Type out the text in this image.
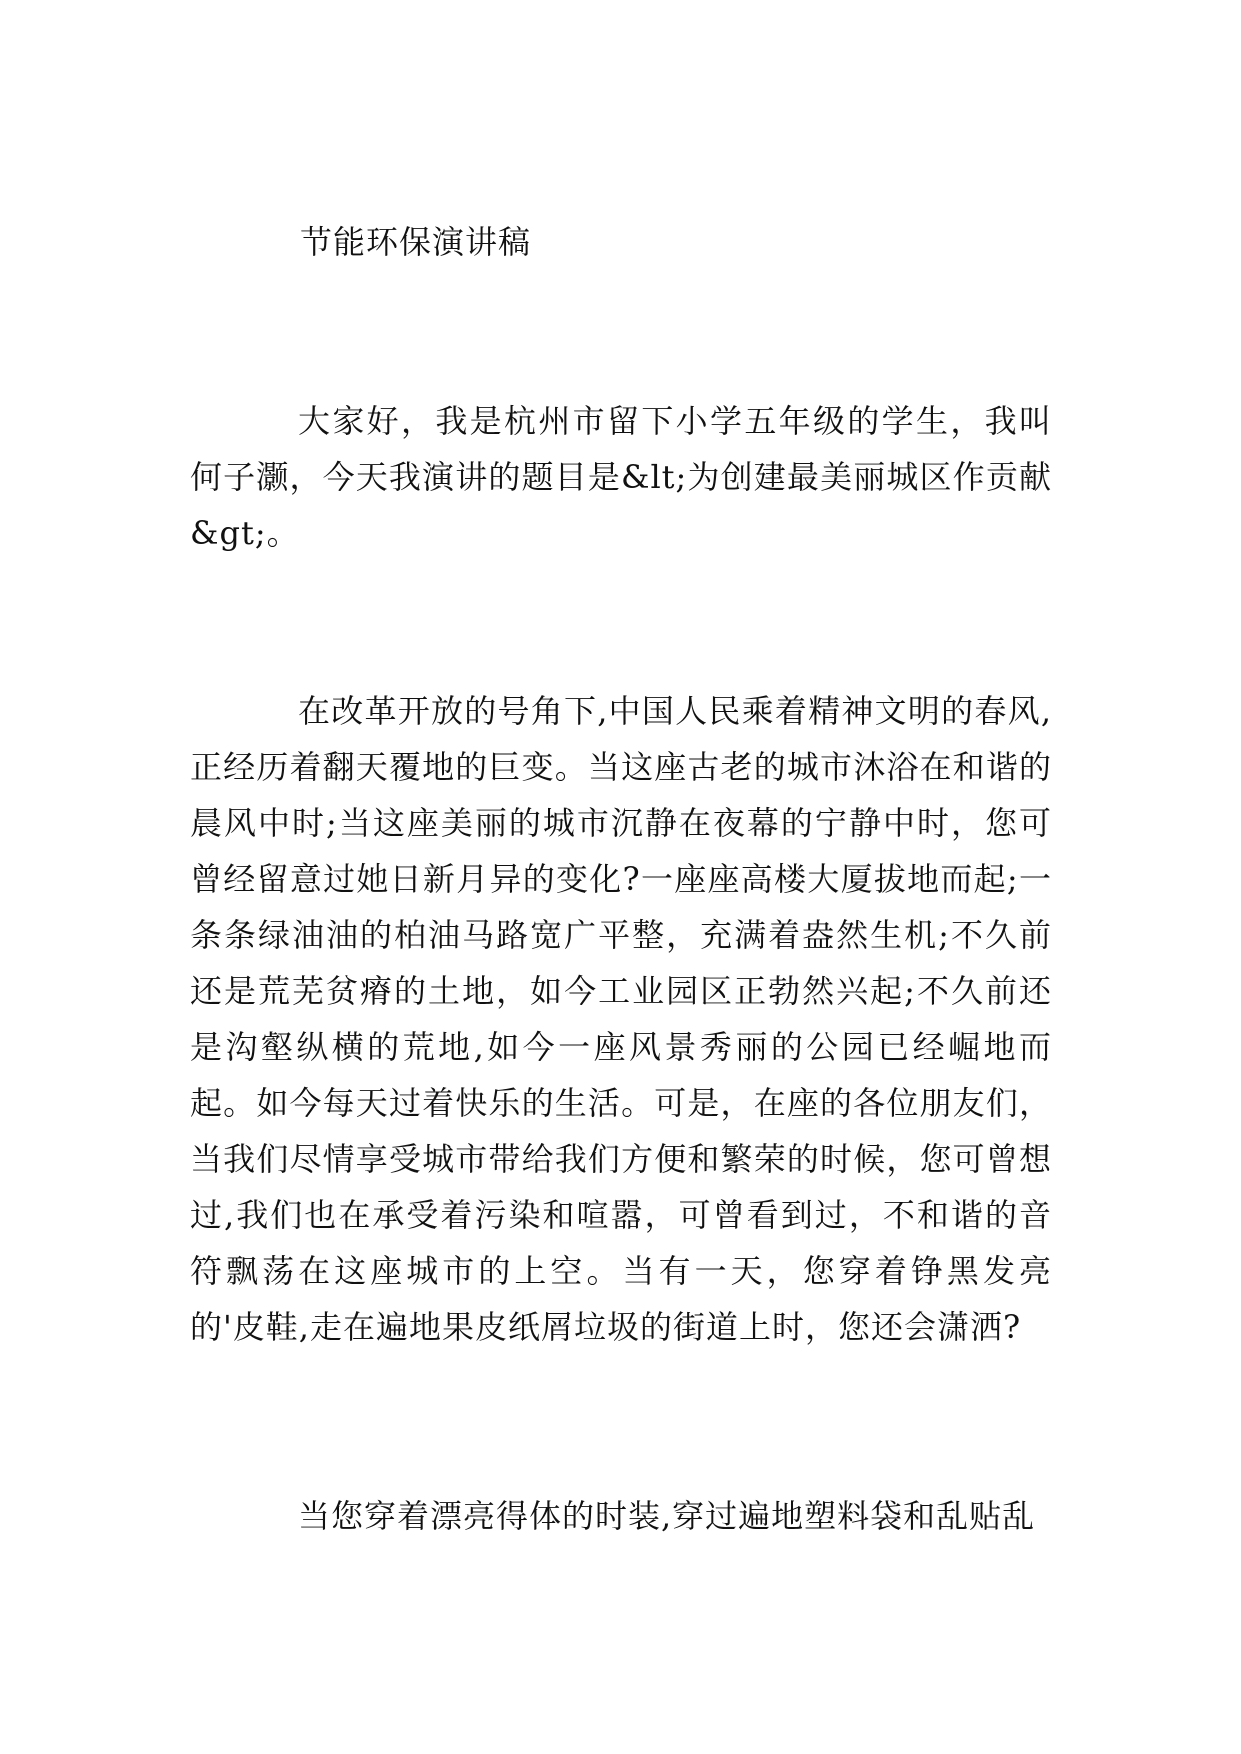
节能环保演讲稿

大家好，我是杭州市留下小学五年级的学生，我叫何子灏，今天我演讲的题目是&lt;为创建最美丽城区作贡献&gt;。

在改革开放的号角下,中国人民乘着精神文明的春风,正经历着翻天覆地的巨变。当这座古老的城市沐浴在和谐的晨风中时;当这座美丽的城市沉静在夜幕的宁静中时，您可曾经留意过她日新月异的变化?一座座高楼大厦拔地而起;一条条绿油油的柏油马路宽广平整，充满着盎然生机;不久前还是荒芜贫瘠的土地，如今工业园区正勃然兴起;不久前还是沟壑纵横的荒地,如今一座风景秀丽的公园已经崛地而起。如今每天过着快乐的生活。可是，在座的各位朋友们，当我们尽情享受城市带给我们方便和繁荣的时候，您可曾想过,我们也在承受着污染和喧嚣，可曾看到过，不和谐的音符飘荡在这座城市的上空。当有一天，您穿着铮黑发亮的'皮鞋,走在遍地果皮纸屑垃圾的街道上时，您还会潇洒?

当您穿着漂亮得体的时装,穿过遍地塑料袋和乱贴乱
